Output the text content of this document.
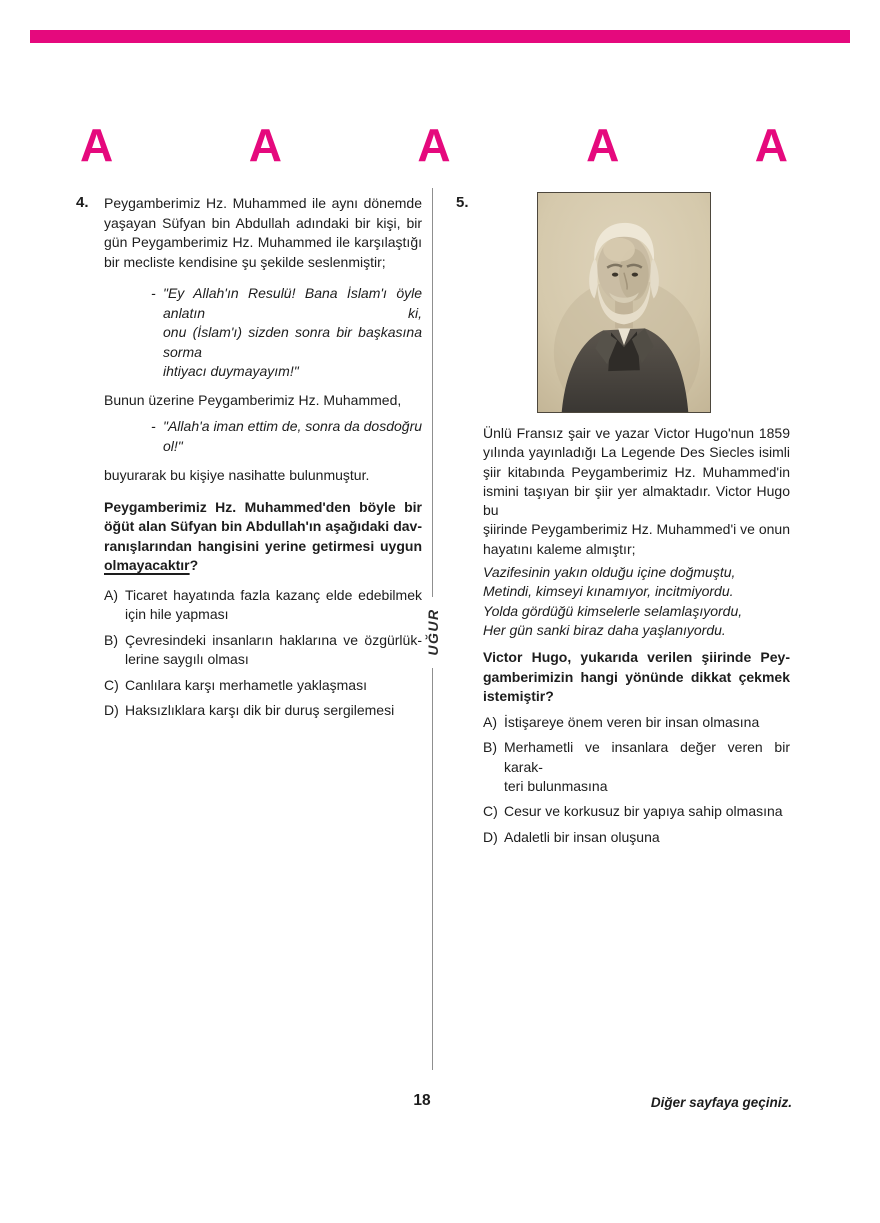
A	A	A	A	A
UĞUR
4. Peygamberimiz Hz. Muhammed ile aynı dönemde
yaşayan Süfyan bin Abdullah adındaki bir kişi, bir
gün Peygamberimiz Hz. Muhammed ile karşılaştığı
bir mecliste kendisine şu şekilde seslenmiştir;
- "Ey Allah'ın Resulü! Bana İslam'ı öyle anlatın ki,
onu (İslam'ı) sizden sonra bir başkasına sorma
ihtiyacı duymayayım!"
Bunun üzerine Peygamberimiz Hz. Muhammed,
- "Allah'a iman ettim de, sonra da dosdoğru ol!"
buyurarak bu kişiye nasihatte bulunmuştur.
Peygamberimiz Hz. Muhammed'den böyle bir
öğüt alan Süfyan bin Abdullah'ın aşağıdaki dav-
ranışlarından hangisini yerine getirmesi uygun
olmayacaktır?
A) Ticaret hayatında fazla kazanç elde edebilmek
için hile yapması
B) Çevresindeki insanların haklarına ve özgürlük-
lerine saygılı olması
C) Canlılara karşı merhametle yaklaşması
D) Haksızlıklara karşı dik bir duruş sergilemesi
5.
Ünlü Fransız şair ve yazar Victor Hugo'nun 1859
yılında yayınladığı La Legende Des Siecles isimli
şiir kitabında Peygamberimiz Hz. Muhammed'in
ismini taşıyan bir şiir yer almaktadır. Victor Hugo bu
şiirinde Peygamberimiz Hz. Muhammed'i ve onun
hayatını kaleme almıştır;
Vazifesinin yakın olduğu içine doğmuştu,
Metindi, kimseyi kınamıyor, incitmiyordu.
Yolda gördüğü kimselerle selamlaşıyordu,
Her gün sanki biraz daha yaşlanıyordu.
Victor Hugo, yukarıda verilen şiirinde Pey-
gamberimizin hangi yönünde dikkat çekmek
istemiştir?
A) İstişareye önem veren bir insan olmasına
B) Merhametli ve insanlara değer veren bir karak-
teri bulunmasına
C) Cesur ve korkusuz bir yapıya sahip olmasına
D) Adaletli bir insan oluşuna
18	Diğer sayfaya geçiniz.
